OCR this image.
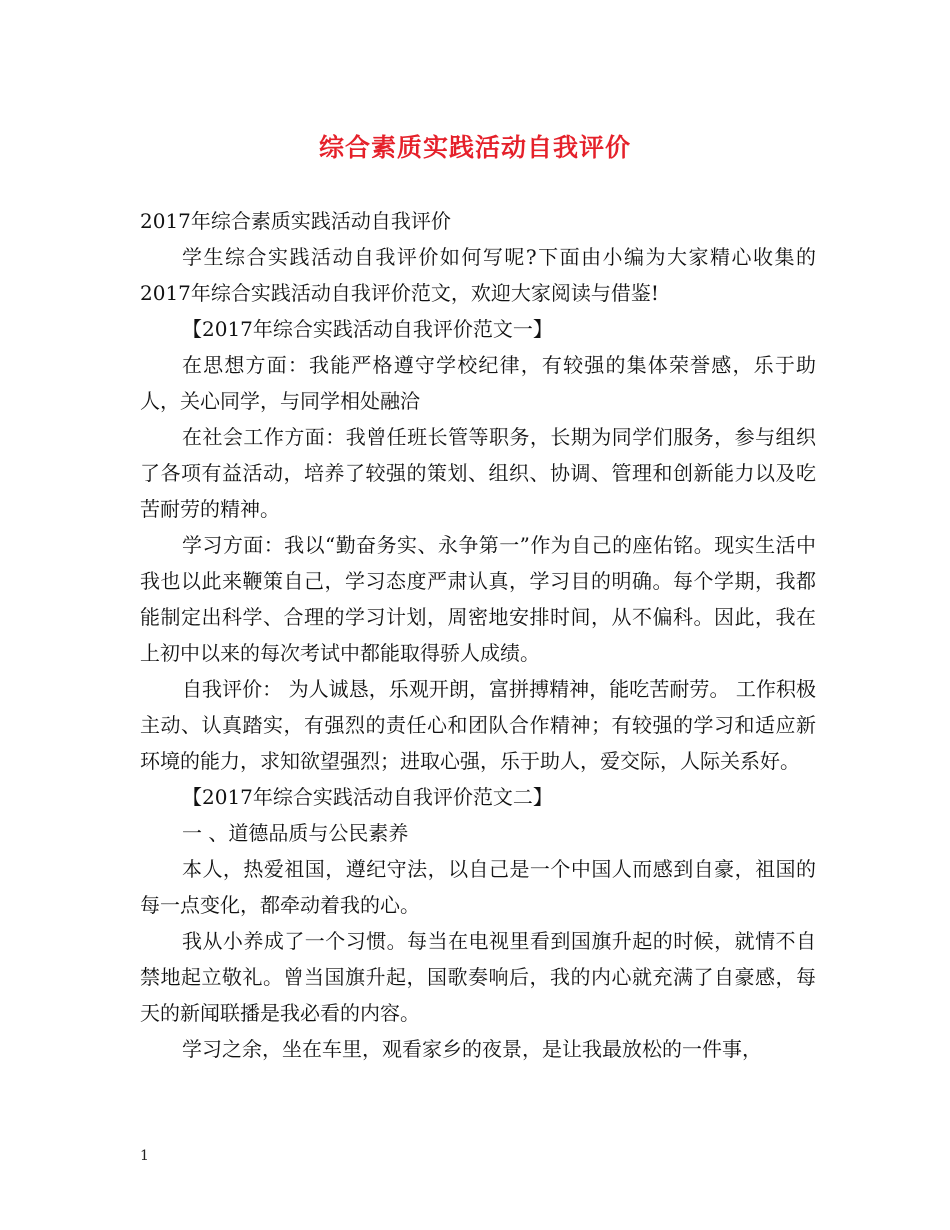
综合素质实践活动自我评价

2017年综合素质实践活动自我评价

学生综合实践活动自我评价如何写呢?下面由小编为大家精心收集的2017年综合实践活动自我评价范文，欢迎大家阅读与借鉴!

【2017年综合实践活动自我评价范文一】

在思想方面：我能严格遵守学校纪律，有较强的集体荣誉感，乐于助人，关心同学，与同学相处融洽

在社会工作方面：我曾任班长管等职务，长期为同学们服务，参与组织了各项有益活动，培养了较强的策划、组织、协调、管理和创新能力以及吃苦耐劳的精神。

学习方面：我以“勤奋务实、永争第一”作为自己的座佑铭。现实生活中我也以此来鞭策自己，学习态度严肃认真，学习目的明确。每个学期，我都能制定出科学、合理的学习计划，周密地安排时间，从不偏科。因此，我在上初中以来的每次考试中都能取得骄人成绩。

自我评价： 为人诚恳，乐观开朗，富拼搏精神，能吃苦耐劳。 工作积极主动、认真踏实，有强烈的责任心和团队合作精神；有较强的学习和适应新环境的能力，求知欲望强烈；进取心强，乐于助人，爱交际，人际关系好。

【2017年综合实践活动自我评价范文二】

一 、道德品质与公民素养

本人，热爱祖国，遵纪守法，以自己是一个中国人而感到自豪，祖国的每一点变化，都牵动着我的心。

我从小养成了一个习惯。每当在电视里看到国旗升起的时候，就情不自禁地起立敬礼。曾当国旗升起，国歌奏响后，我的内心就充满了自豪感，每天的新闻联播是我必看的内容。

学习之余，坐在车里，观看家乡的夜景，是让我最放松的一件事，

1
